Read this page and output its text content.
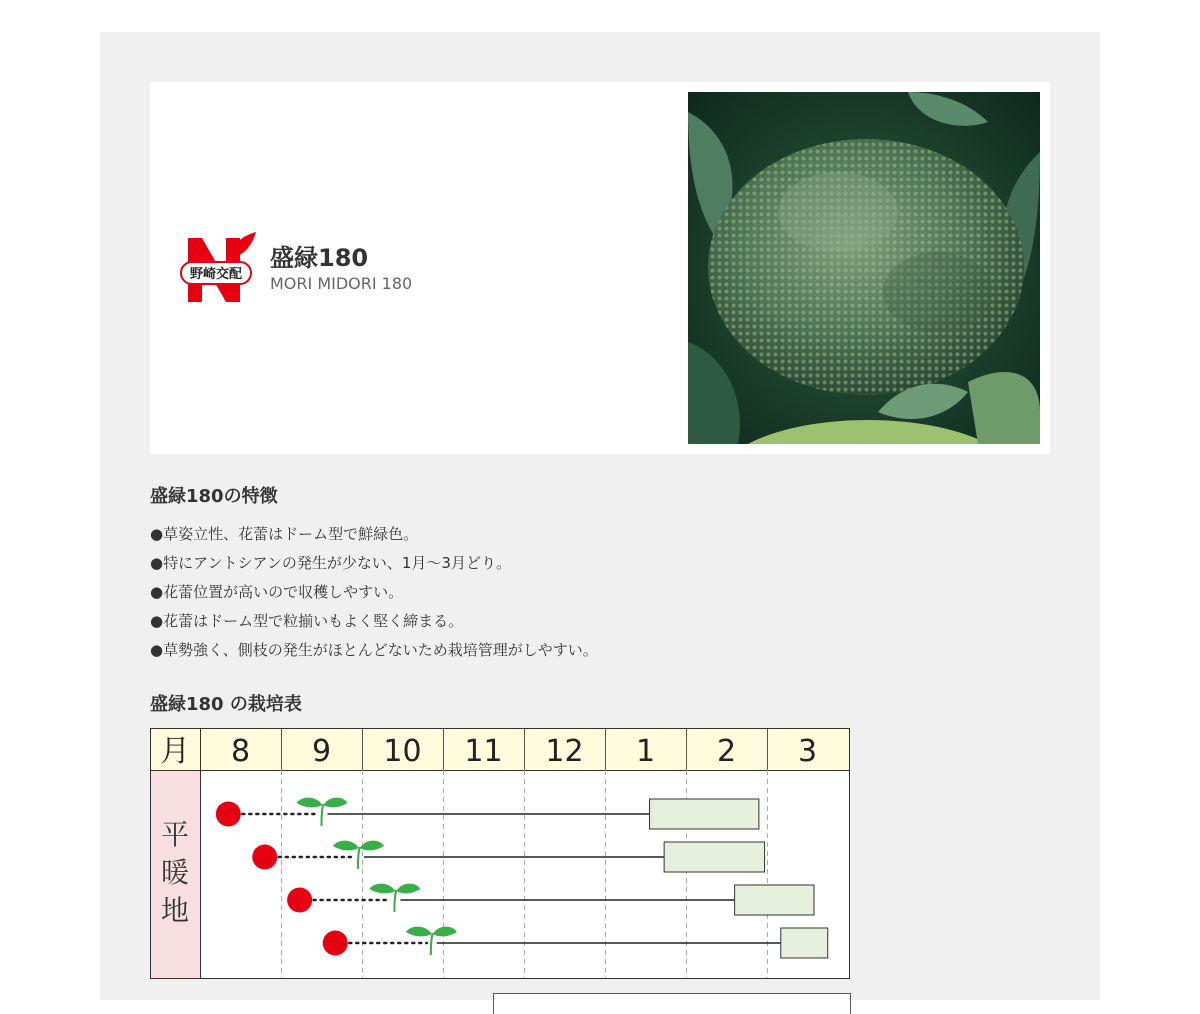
野崎交配
盛緑180
MORI MIDORI 180
盛緑180の特徴
●草姿立性、花蕾はドーム型で鮮緑色。
●特にアントシアンの発生が少ない、1月〜3月どり。
●花蕾位置が高いので収穫しやすい。
●花蕾はドーム型で粒揃いもよく堅く締まる。
●草勢強く、側枝の発生がほとんどないため栽培管理がしやすい。
盛緑180 の栽培表
月 8 9 10 11 12 1 2 3
平
暖
地
